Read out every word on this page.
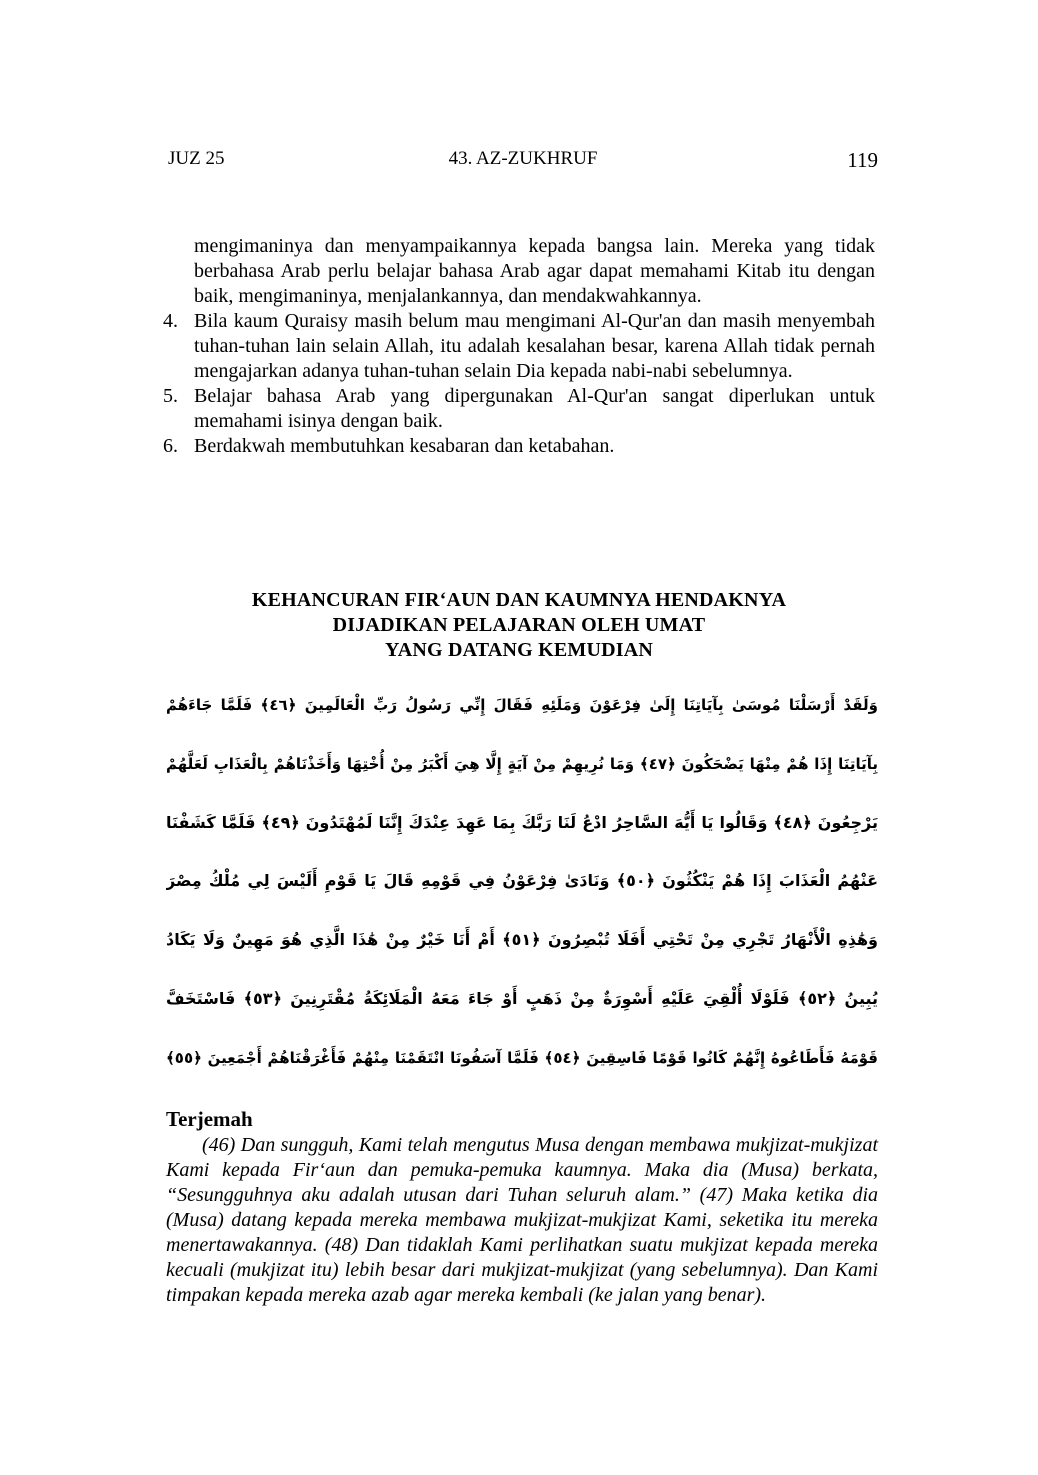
JUZ 25	43. AZ-ZUKHRUF	119
mengimaninya dan menyampaikannya kepada bangsa lain. Mereka yang tidak berbahasa Arab perlu belajar bahasa Arab agar dapat memahami Kitab itu dengan baik, mengimaninya, menjalankannya, dan mendakwahkannya.
4. Bila kaum Quraisy masih belum mau mengimani Al-Qur'an dan masih menyembah tuhan-tuhan lain selain Allah, itu adalah kesalahan besar, karena Allah tidak pernah mengajarkan adanya tuhan-tuhan selain Dia kepada nabi-nabi sebelumnya.
5. Belajar bahasa Arab yang dipergunakan Al-Qur'an sangat diperlukan untuk memahami isinya dengan baik.
6. Berdakwah membutuhkan kesabaran dan ketabahan.
KEHANCURAN FIR‘AUN DAN KAUMNYA HENDAKNYA
DIJADIKAN PELAJARAN OLEH UMAT
YANG DATANG KEMUDIAN
وَلَقَدْ أَرْسَلْنَا مُوسَىٰ بِآيَاتِنَا إِلَىٰ فِرْعَوْنَ وَمَلَئِهِ فَقَالَ إِنِّي رَسُولُ رَبِّ الْعَالَمِينَ ﴿٤٦﴾ فَلَمَّا جَاءَهُمْ
بِآيَاتِنَا إِذَا هُمْ مِنْهَا يَضْحَكُونَ ﴿٤٧﴾ وَمَا نُرِيهِمْ مِنْ آيَةٍ إِلَّا هِيَ أَكْبَرُ مِنْ أُخْتِهَا وَأَخَذْنَاهُمْ بِالْعَذَابِ لَعَلَّهُمْ
يَرْجِعُونَ ﴿٤٨﴾ وَقَالُوا يَا أَيُّهَ السَّاحِرُ ادْعُ لَنَا رَبَّكَ بِمَا عَهِدَ عِنْدَكَ إِنَّنَا لَمُهْتَدُونَ ﴿٤٩﴾ فَلَمَّا كَشَفْنَا
عَنْهُمُ الْعَذَابَ إِذَا هُمْ يَنْكُثُونَ ﴿٥٠﴾ وَنَادَىٰ فِرْعَوْنُ فِي قَوْمِهِ قَالَ يَا قَوْمِ أَلَيْسَ لِي مُلْكُ مِصْرَ
وَهَٰذِهِ الْأَنْهَارُ تَجْرِي مِنْ تَحْتِي أَفَلَا تُبْصِرُونَ ﴿٥١﴾ أَمْ أَنَا خَيْرٌ مِنْ هَٰذَا الَّذِي هُوَ مَهِينٌ وَلَا يَكَادُ
يُبِينُ ﴿٥٢﴾ فَلَوْلَا أُلْقِيَ عَلَيْهِ أَسْوِرَةٌ مِنْ ذَهَبٍ أَوْ جَاءَ مَعَهُ الْمَلَائِكَةُ مُقْتَرِنِينَ ﴿٥٣﴾ فَاسْتَخَفَّ
قَوْمَهُ فَأَطَاعُوهُ إِنَّهُمْ كَانُوا قَوْمًا فَاسِقِينَ ﴿٥٤﴾ فَلَمَّا آسَفُونَا انْتَقَمْنَا مِنْهُمْ فَأَغْرَقْنَاهُمْ أَجْمَعِينَ ﴿٥٥﴾
Terjemah
(46) Dan sungguh, Kami telah mengutus Musa dengan membawa mukjizat-mukjizat Kami kepada Fir‘aun dan pemuka-pemuka kaumnya. Maka dia (Musa) berkata, “Sesungguhnya aku adalah utusan dari Tuhan seluruh alam.” (47) Maka ketika dia (Musa) datang kepada mereka membawa mukjizat-mukjizat Kami, seketika itu mereka menertawakannya. (48) Dan tidaklah Kami perlihatkan suatu mukjizat kepada mereka kecuali (mukjizat itu) lebih besar dari mukjizat-mukjizat (yang sebelumnya). Dan Kami timpakan kepada mereka azab agar mereka kembali (ke jalan yang benar).
